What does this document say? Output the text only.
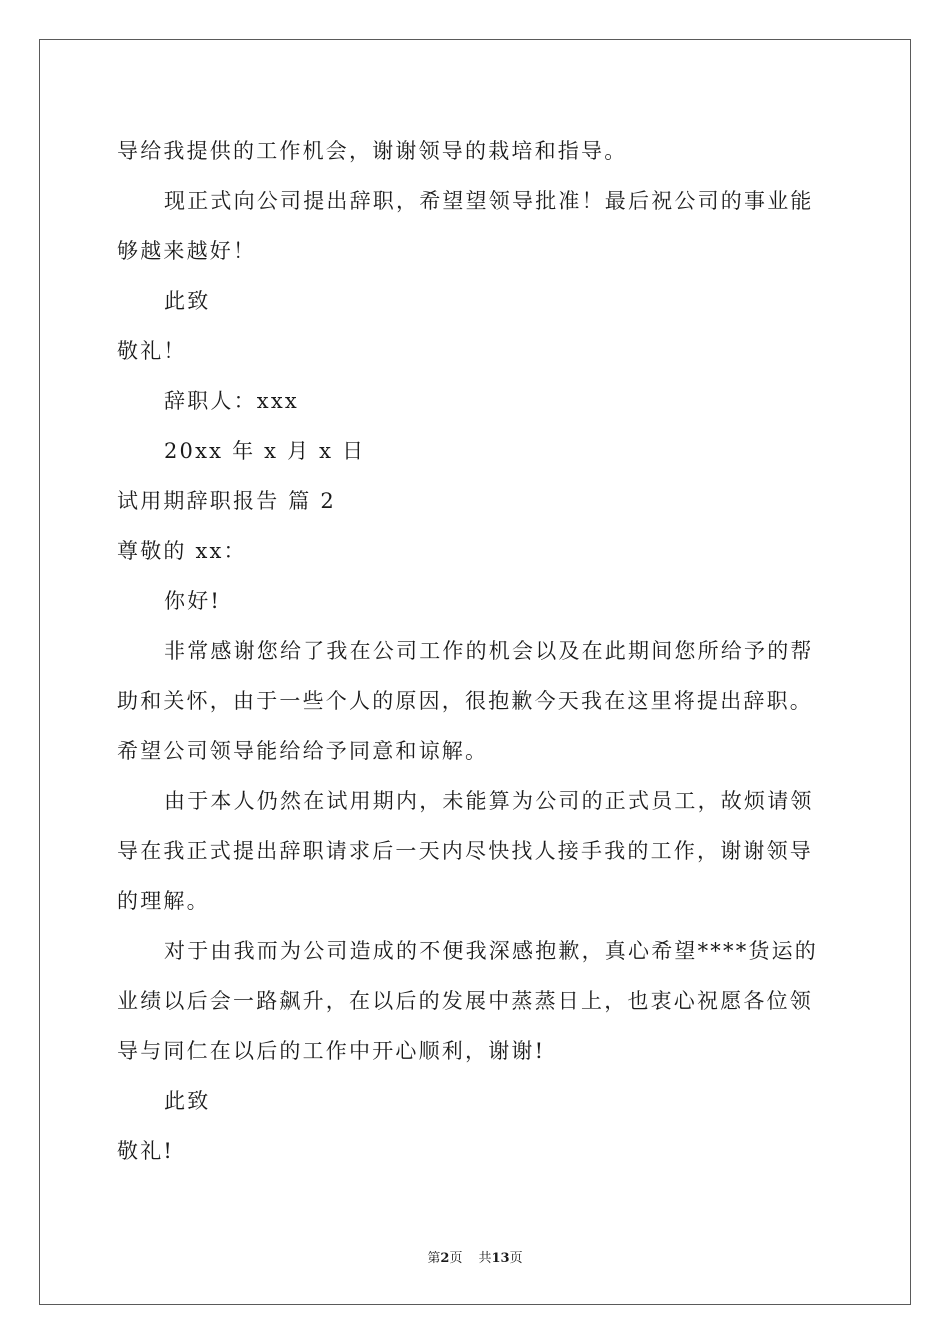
导给我提供的工作机会，谢谢领导的栽培和指导。
现正式向公司提出辞职，希望望领导批准！最后祝公司的事业能
够越来越好！
此致
敬礼！
辞职人：xxx
20xx 年 x 月 x 日
试用期辞职报告 篇 2
尊敬的 xx：
你好!
非常感谢您给了我在公司工作的机会以及在此期间您所给予的帮
助和关怀，由于一些个人的原因，很抱歉今天我在这里将提出辞职。
希望公司领导能给给予同意和谅解。
由于本人仍然在试用期内，未能算为公司的正式员工，故烦请领
导在我正式提出辞职请求后一天内尽快找人接手我的工作，谢谢领导
的理解。
对于由我而为公司造成的不便我深感抱歉，真心希望****货运的
业绩以后会一路飙升，在以后的发展中蒸蒸日上，也衷心祝愿各位领
导与同仁在以后的工作中开心顺利，谢谢!
此致
敬礼!
第2页 共13页
